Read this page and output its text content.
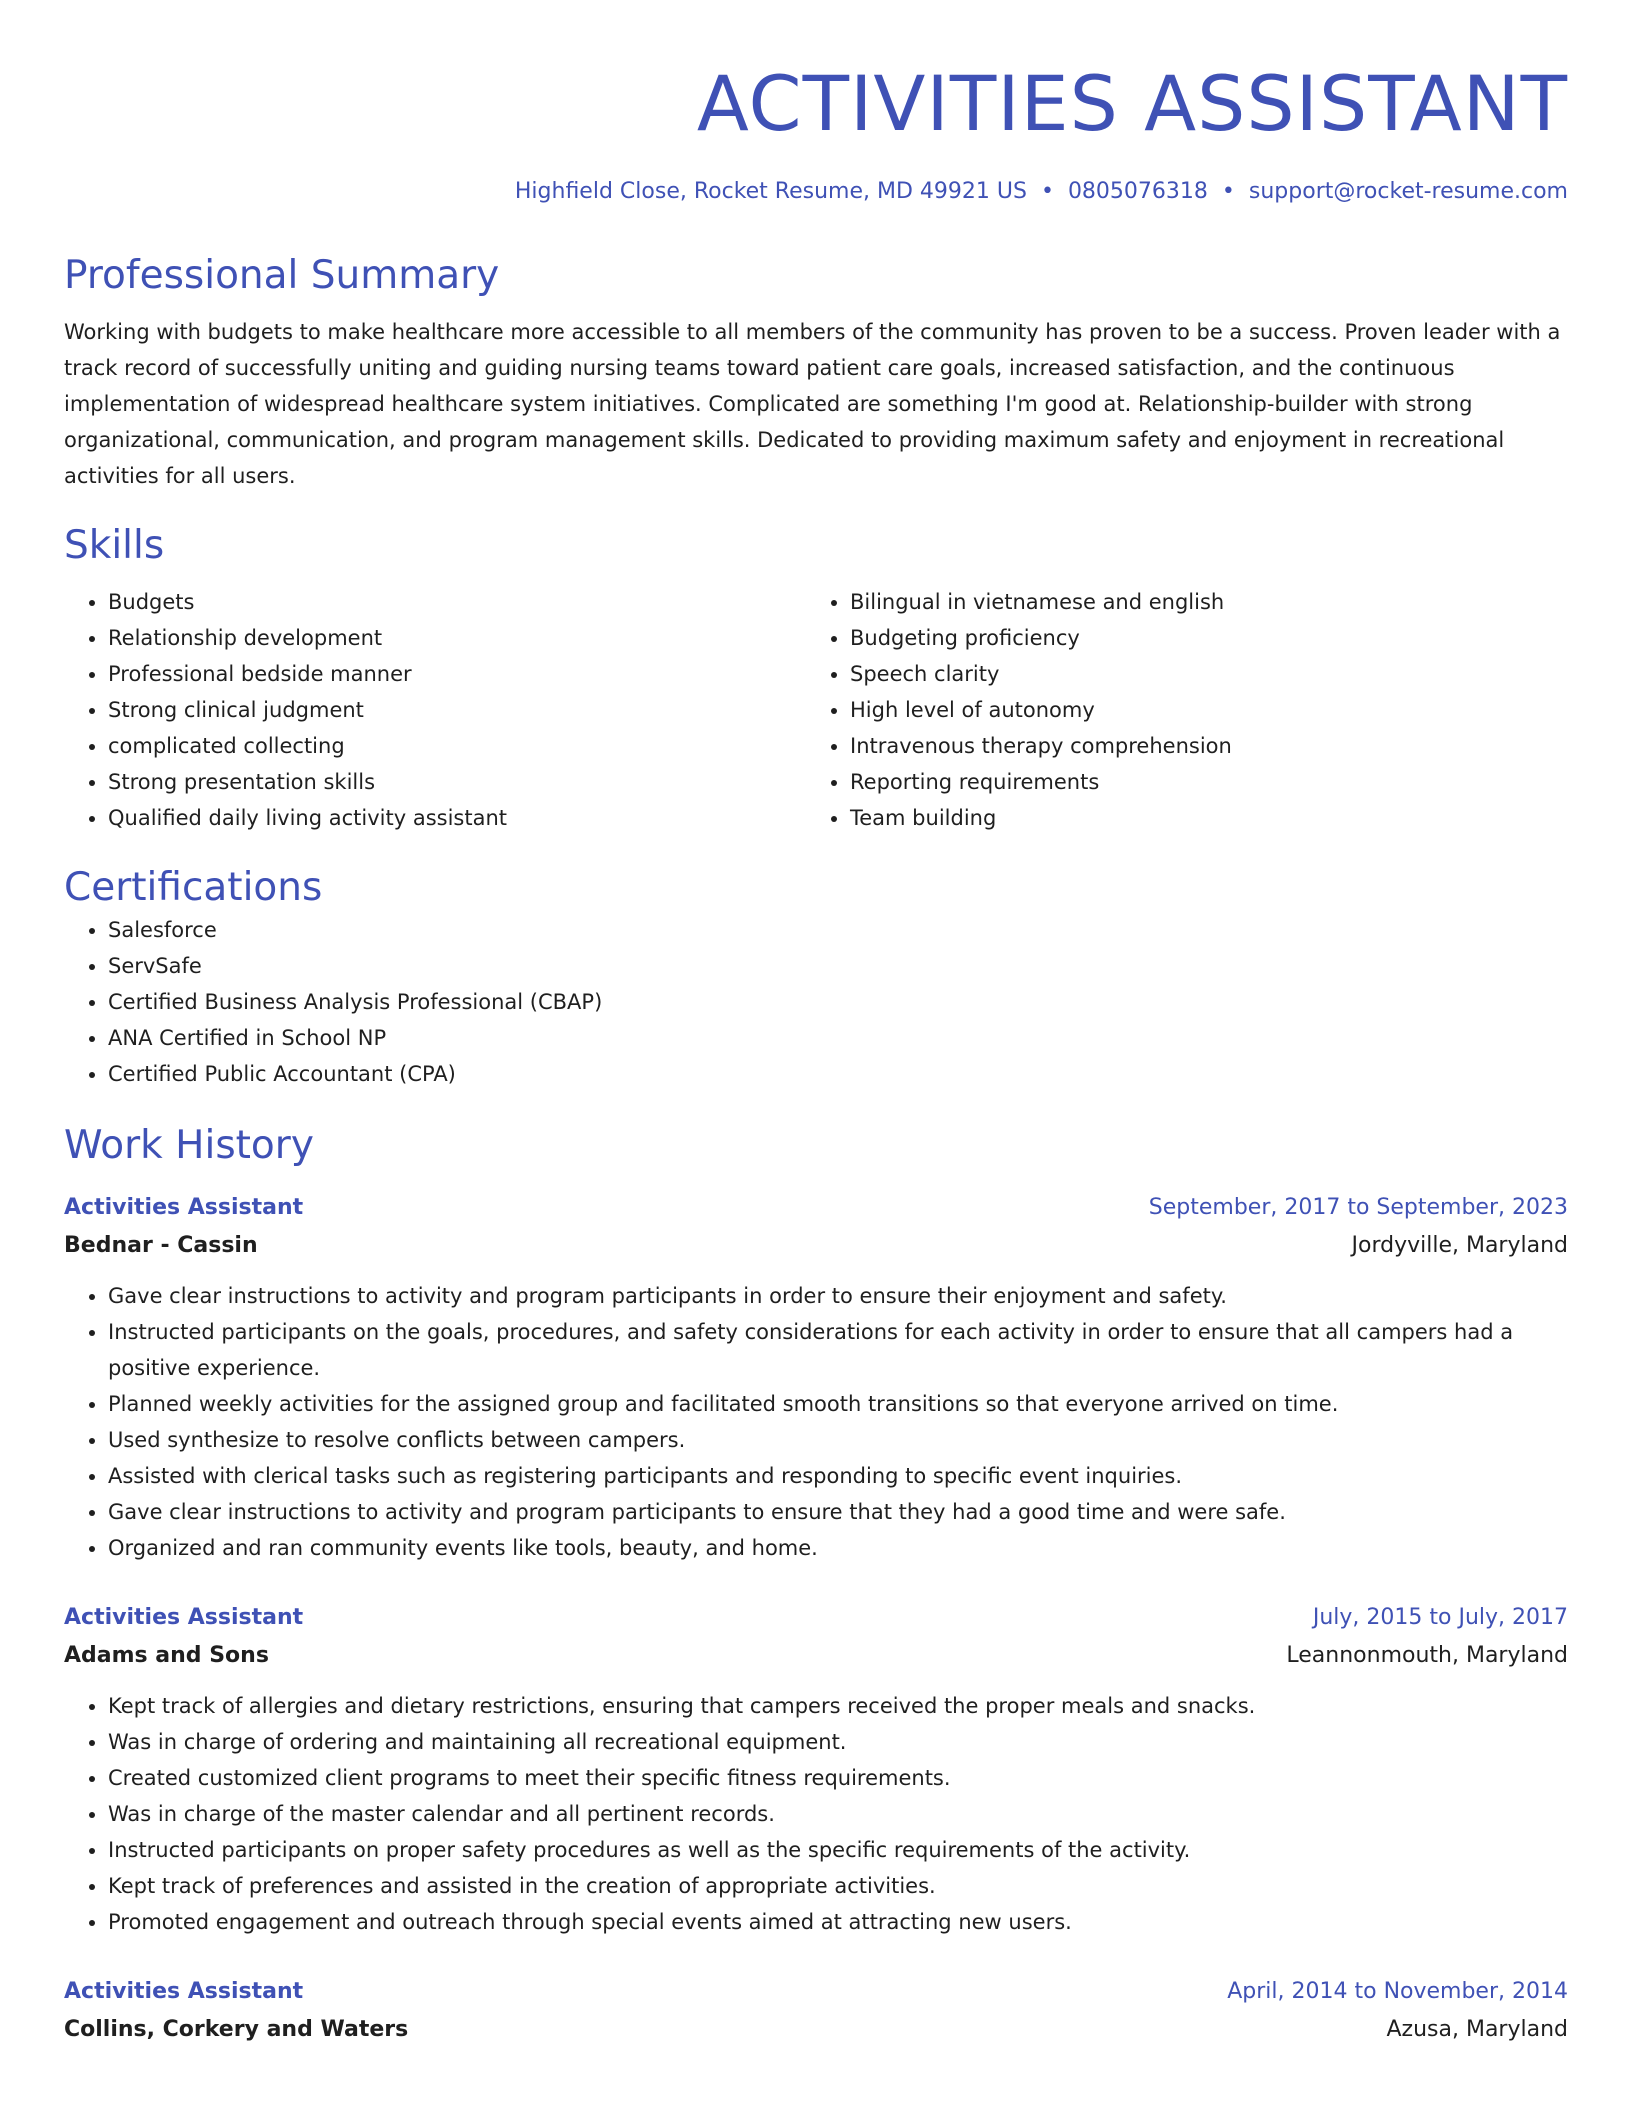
ACTIVITIES ASSISTANT
Highfield Close, Rocket Resume, MD 49921 US • 0805076318 • support@rocket-resume.com
Professional Summary
Working with budgets to make healthcare more accessible to all members of the community has proven to be a success. Proven leader with a track record of successfully uniting and guiding nursing teams toward patient care goals, increased satisfaction, and the continuous implementation of widespread healthcare system initiatives. Complicated are something I'm good at. Relationship-builder with strong organizational, communication, and program management skills. Dedicated to providing maximum safety and enjoyment in recreational activities for all users.
Skills
• Budgets
• Relationship development
• Professional bedside manner
• Strong clinical judgment
• complicated collecting
• Strong presentation skills
• Qualified daily living activity assistant
• Bilingual in vietnamese and english
• Budgeting proficiency
• Speech clarity
• High level of autonomy
• Intravenous therapy comprehension
• Reporting requirements
• Team building
Certifications
• Salesforce
• ServSafe
• Certified Business Analysis Professional (CBAP)
• ANA Certified in School NP
• Certified Public Accountant (CPA)
Work History
Activities Assistant	September, 2017 to September, 2023
Bednar - Cassin	Jordyville, Maryland
• Gave clear instructions to activity and program participants in order to ensure their enjoyment and safety.
• Instructed participants on the goals, procedures, and safety considerations for each activity in order to ensure that all campers had a positive experience.
• Planned weekly activities for the assigned group and facilitated smooth transitions so that everyone arrived on time.
• Used synthesize to resolve conflicts between campers.
• Assisted with clerical tasks such as registering participants and responding to specific event inquiries.
• Gave clear instructions to activity and program participants to ensure that they had a good time and were safe.
• Organized and ran community events like tools, beauty, and home.
Activities Assistant	July, 2015 to July, 2017
Adams and Sons	Leannonmouth, Maryland
• Kept track of allergies and dietary restrictions, ensuring that campers received the proper meals and snacks.
• Was in charge of ordering and maintaining all recreational equipment.
• Created customized client programs to meet their specific fitness requirements.
• Was in charge of the master calendar and all pertinent records.
• Instructed participants on proper safety procedures as well as the specific requirements of the activity.
• Kept track of preferences and assisted in the creation of appropriate activities.
• Promoted engagement and outreach through special events aimed at attracting new users.
Activities Assistant	April, 2014 to November, 2014
Collins, Corkery and Waters	Azusa, Maryland
